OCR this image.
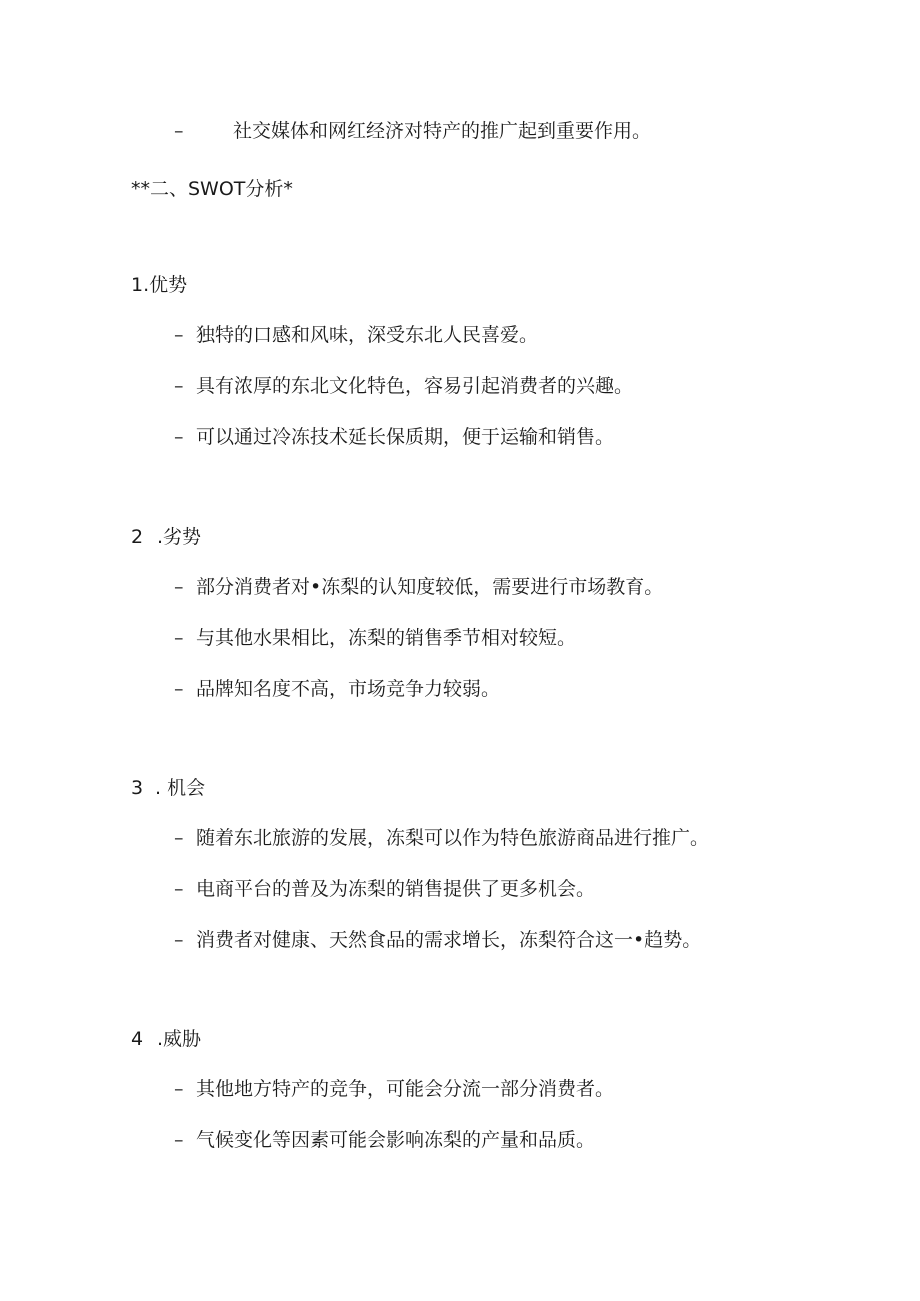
–	社交媒体和网红经济对特产的推广起到重要作用。
**二、SWOT分析*
1.优势
– 独特的口感和风味，深受东北人民喜爱。
– 具有浓厚的东北文化特色，容易引起消费者的兴趣。
– 可以通过冷冻技术延长保质期，便于运输和销售。
2 .劣势
– 部分消费者对•冻梨的认知度较低，需要进行市场教育。
– 与其他水果相比，冻梨的销售季节相对较短。
– 品牌知名度不高，市场竞争力较弱。
3 . 机会
– 随着东北旅游的发展，冻梨可以作为特色旅游商品进行推广。
– 电商平台的普及为冻梨的销售提供了更多机会。
– 消费者对健康、天然食品的需求增长，冻梨符合这一•趋势。
4 .威胁
– 其他地方特产的竞争，可能会分流一部分消费者。
– 气候变化等因素可能会影响冻梨的产量和品质。
